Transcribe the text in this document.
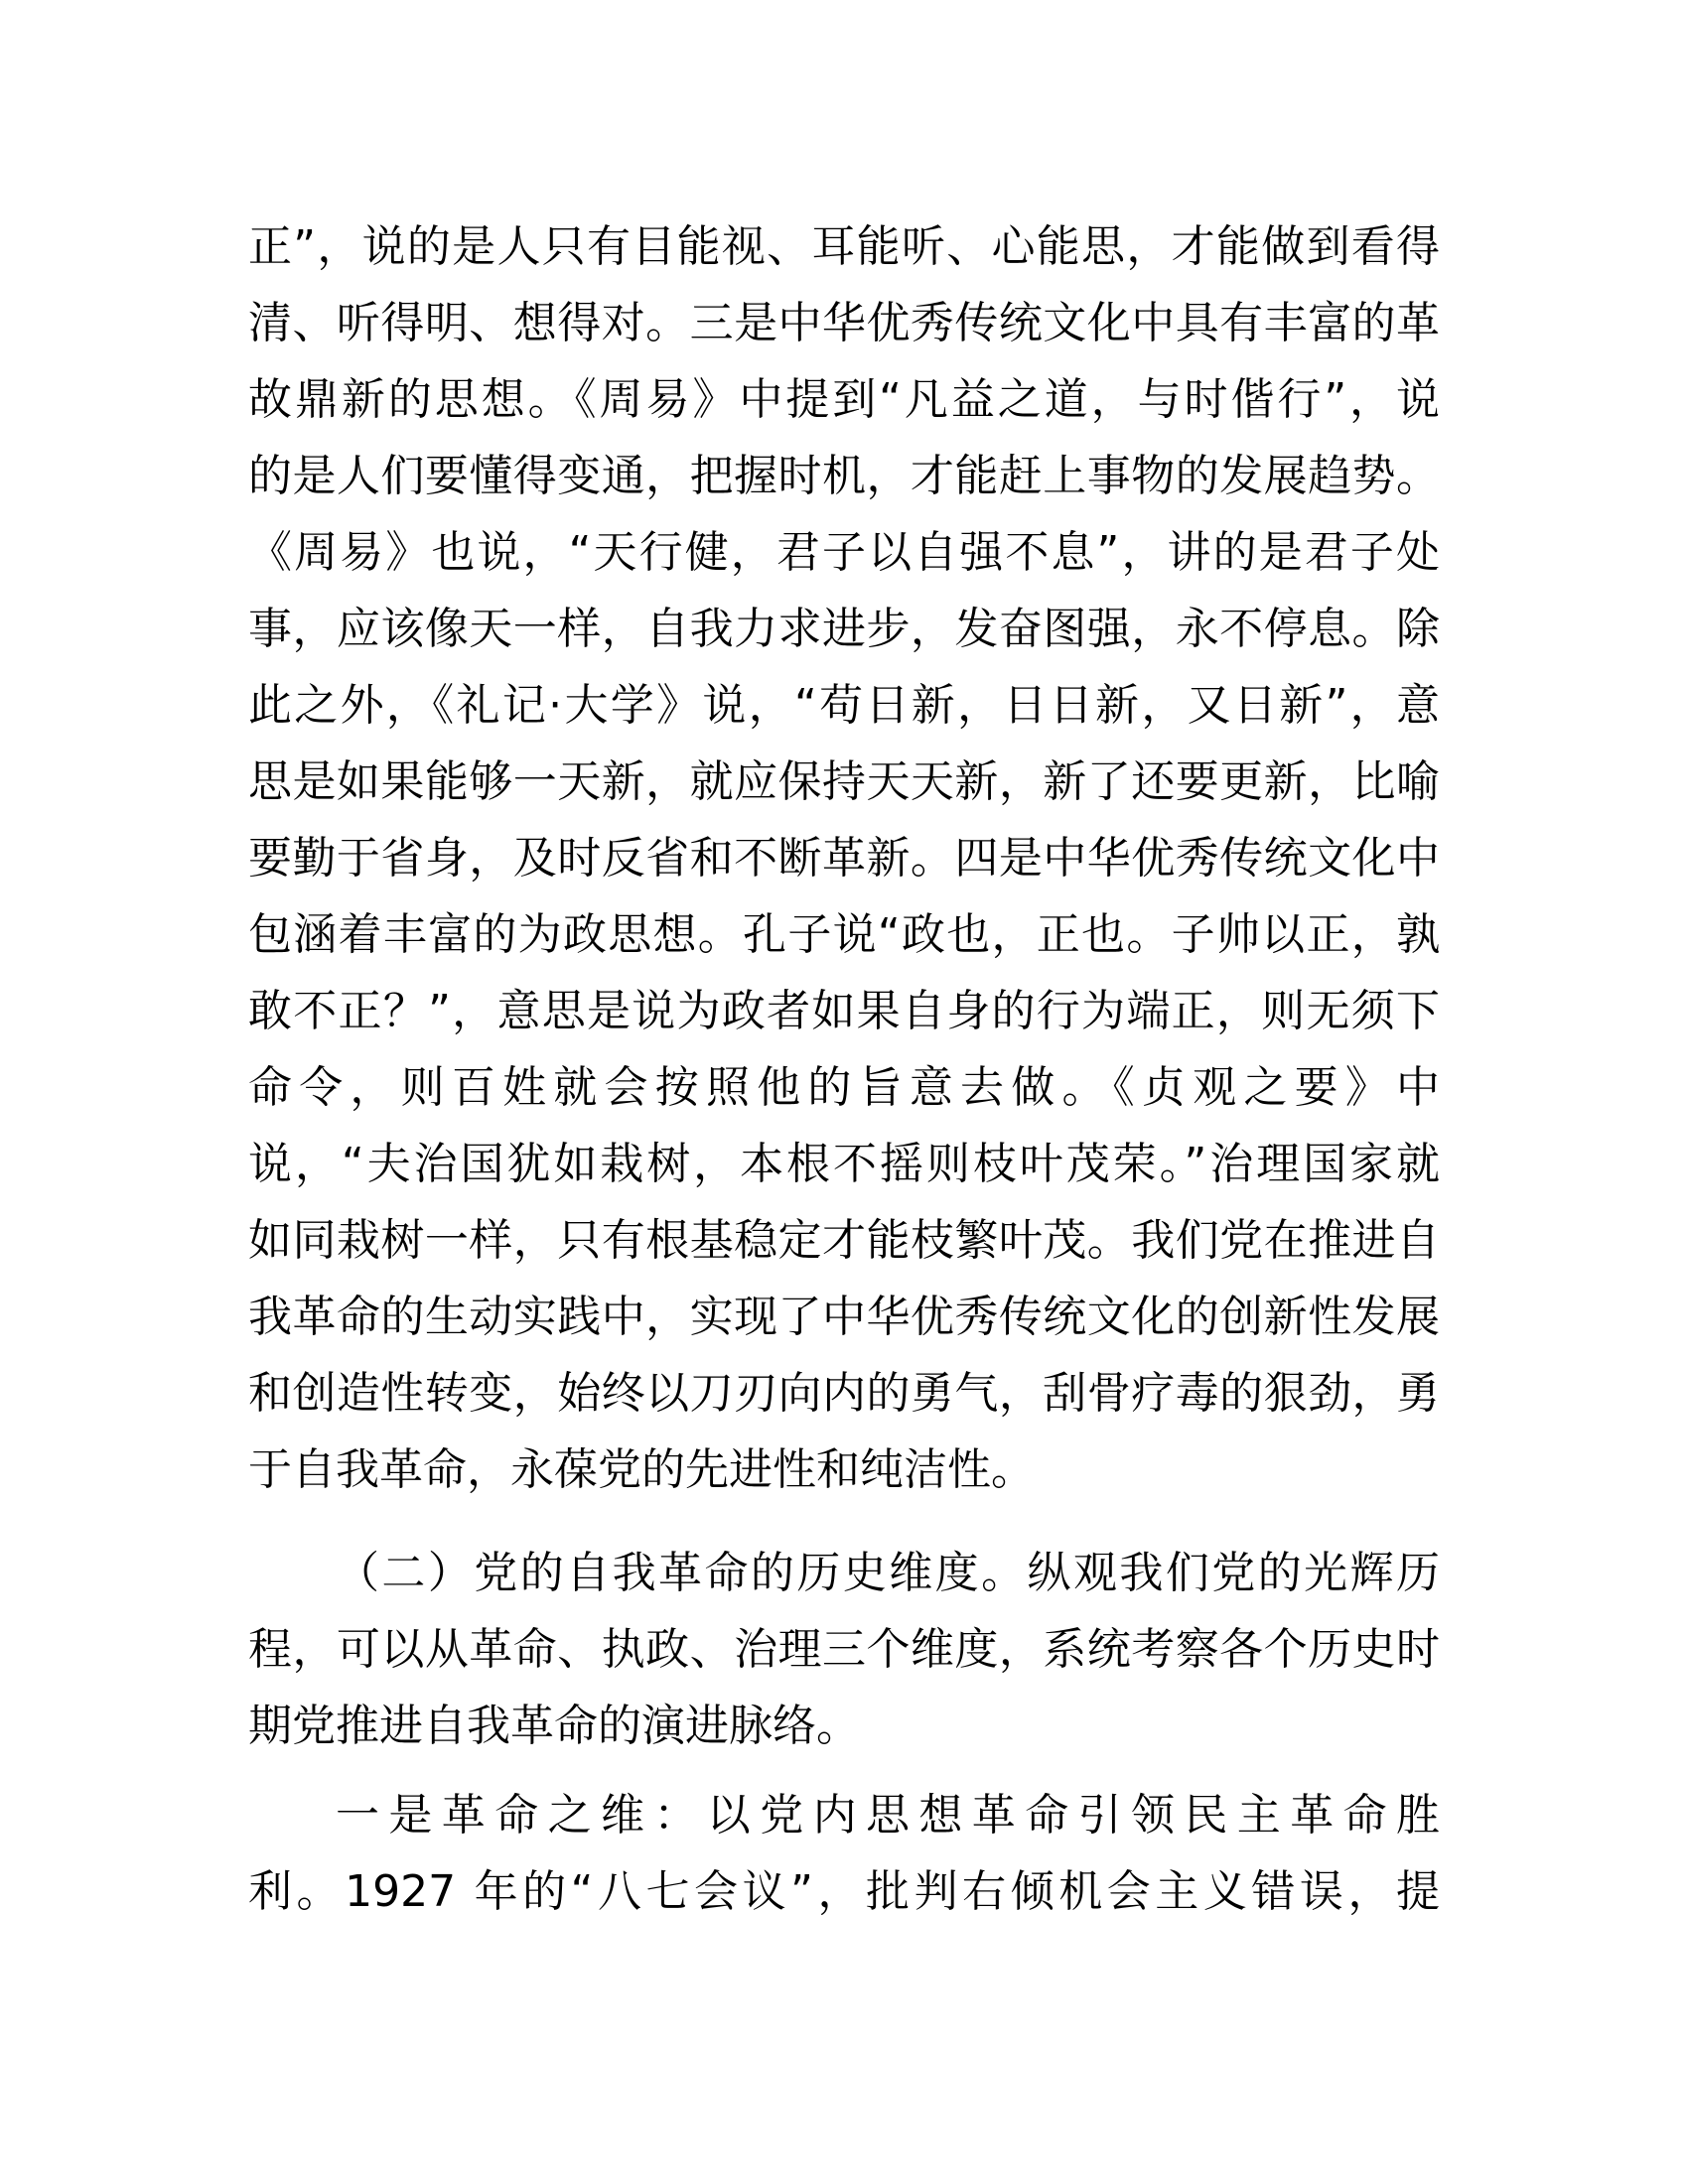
正”，说的是人只有目能视、耳能听、心能思，才能做到看得
清、听得明、想得对。三是中华优秀传统文化中具有丰富的革
故鼎新的思想。《周易》中提到“凡益之道，与时偕行”，说
的是人们要懂得变通，把握时机，才能赶上事物的发展趋势。
《周易》也说，“天行健，君子以自强不息”，讲的是君子处
事，应该像天一样，自我力求进步，发奋图强，永不停息。除
此之外，《礼记·大学》说，“苟日新，日日新，又日新”，意
思是如果能够一天新，就应保持天天新，新了还要更新，比喻
要勤于省身，及时反省和不断革新。四是中华优秀传统文化中
包涵着丰富的为政思想。孔子说“政也，正也。子帅以正，孰
敢不正？”，意思是说为政者如果自身的行为端正，则无须下
命令，则百姓就会按照他的旨意去做。《贞观之要》中
说，“夫治国犹如栽树，本根不摇则枝叶茂荣。”治理国家就
如同栽树一样，只有根基稳定才能枝繁叶茂。我们党在推进自
我革命的生动实践中，实现了中华优秀传统文化的创新性发展
和创造性转变，始终以刀刃向内的勇气，刮骨疗毒的狠劲，勇
于自我革命，永葆党的先进性和纯洁性。
（二）党的自我革命的历史维度。纵观我们党的光辉历
程，可以从革命、执政、治理三个维度，系统考察各个历史时
期党推进自我革命的演进脉络。
一是革命之维：以党内思想革命引领民主革命胜
利。1927 年的“八七会议”，批判右倾机会主义错误，提
